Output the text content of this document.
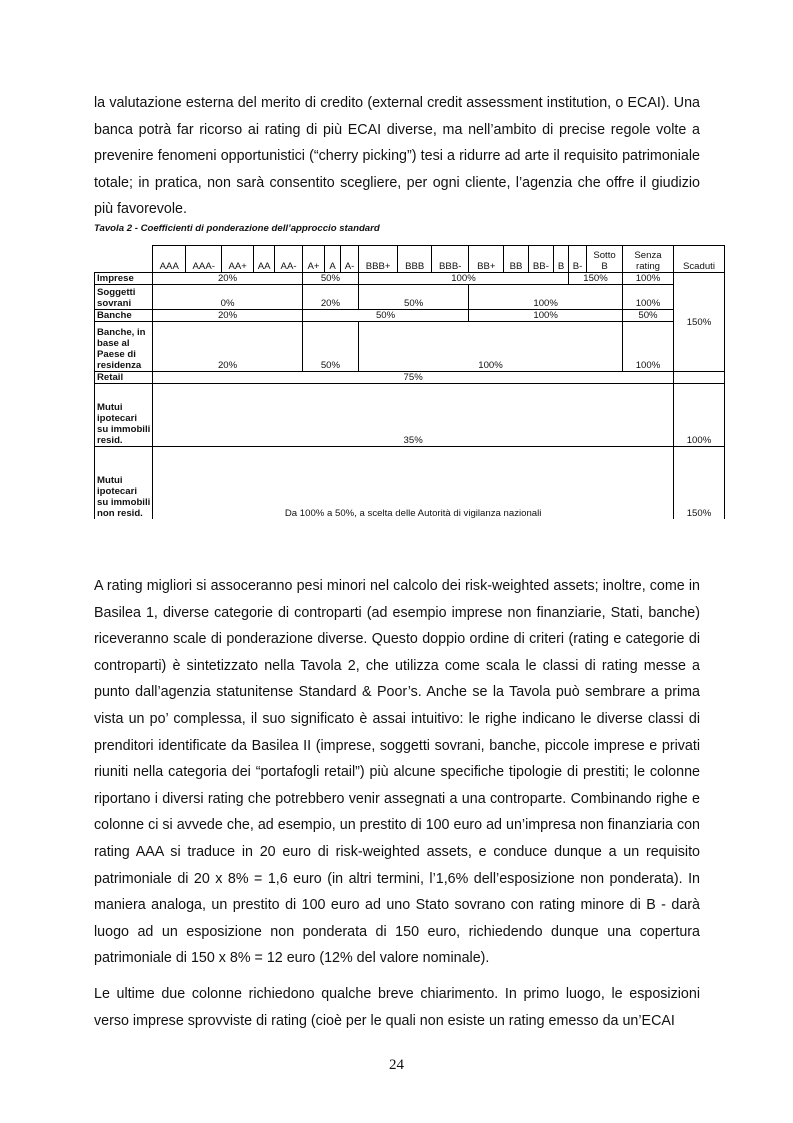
la valutazione esterna del merito di credito (external credit assessment institution, o ECAI). Una banca potrà far ricorso ai rating di più ECAI diverse, ma nell’ambito di precise regole volte a prevenire fenomeni opportunistici (“cherry picking”) tesi a ridurre ad arte il requisito patrimoniale totale; in pratica, non sarà consentito scegliere, per ogni cliente, l’agenzia che offre il giudizio più favorevole.

Tavola 2 - Coefficienti di ponderazione dell’approccio standard

	AAA	AAA-	AA+	AA	AA-	A+	A	A-	BBB+	BBB	BBB-	BB+	BB	BB-	B	B-	Sotto B	Senza rating	Scaduti
Imprese	20%					50%			100%							150%		100%	150%
Soggetti sovrani	0%					20%			50%			100%						100%	
Banche	20%					50%						100%						50%	
Banche, in base al Paese di residenza	20%					50%			100%									100%	
Retail	75%																		
Mutui ipotecari su immobili resid.	35%																		100%
Mutui ipotecari su immobili non resid.	Da 100% a 50%, a scelta delle Autorità di vigilanza nazionali																		150%

A rating migliori si assoceranno pesi minori nel calcolo dei risk-weighted assets; inoltre, come in Basilea 1, diverse categorie di controparti (ad esempio imprese non finanziarie, Stati, banche) riceveranno scale di ponderazione diverse. Questo doppio ordine di criteri (rating e categorie di controparti) è sintetizzato nella Tavola 2, che utilizza come scala le classi di rating messe a punto dall’agenzia statunitense Standard & Poor’s. Anche se la Tavola può sembrare a prima vista un po’ complessa, il suo significato è assai intuitivo: le righe indicano le diverse classi di prenditori identificate da Basilea II (imprese, soggetti sovrani, banche, piccole imprese e privati riuniti nella categoria dei “portafogli retail”) più alcune specifiche tipologie di prestiti; le colonne riportano i diversi rating che potrebbero venir assegnati a una controparte. Combinando righe e colonne ci si avvede che, ad esempio, un prestito di 100 euro ad un’impresa non finanziaria con rating AAA si traduce in 20 euro di risk-weighted assets, e conduce dunque a un requisito patrimoniale di 20 x 8% = 1,6 euro (in altri termini, l’1,6% dell’esposizione non ponderata). In maniera analoga, un prestito di 100 euro ad uno Stato sovrano con rating minore di B - darà luogo ad un esposizione non ponderata di 150 euro, richiedendo dunque una copertura patrimoniale di 150 x 8% = 12 euro (12% del valore nominale).

Le ultime due colonne richiedono qualche breve chiarimento. In primo luogo, le esposizioni verso imprese sprovviste di rating (cioè per le quali non esiste un rating emesso da un’ECAI

24
